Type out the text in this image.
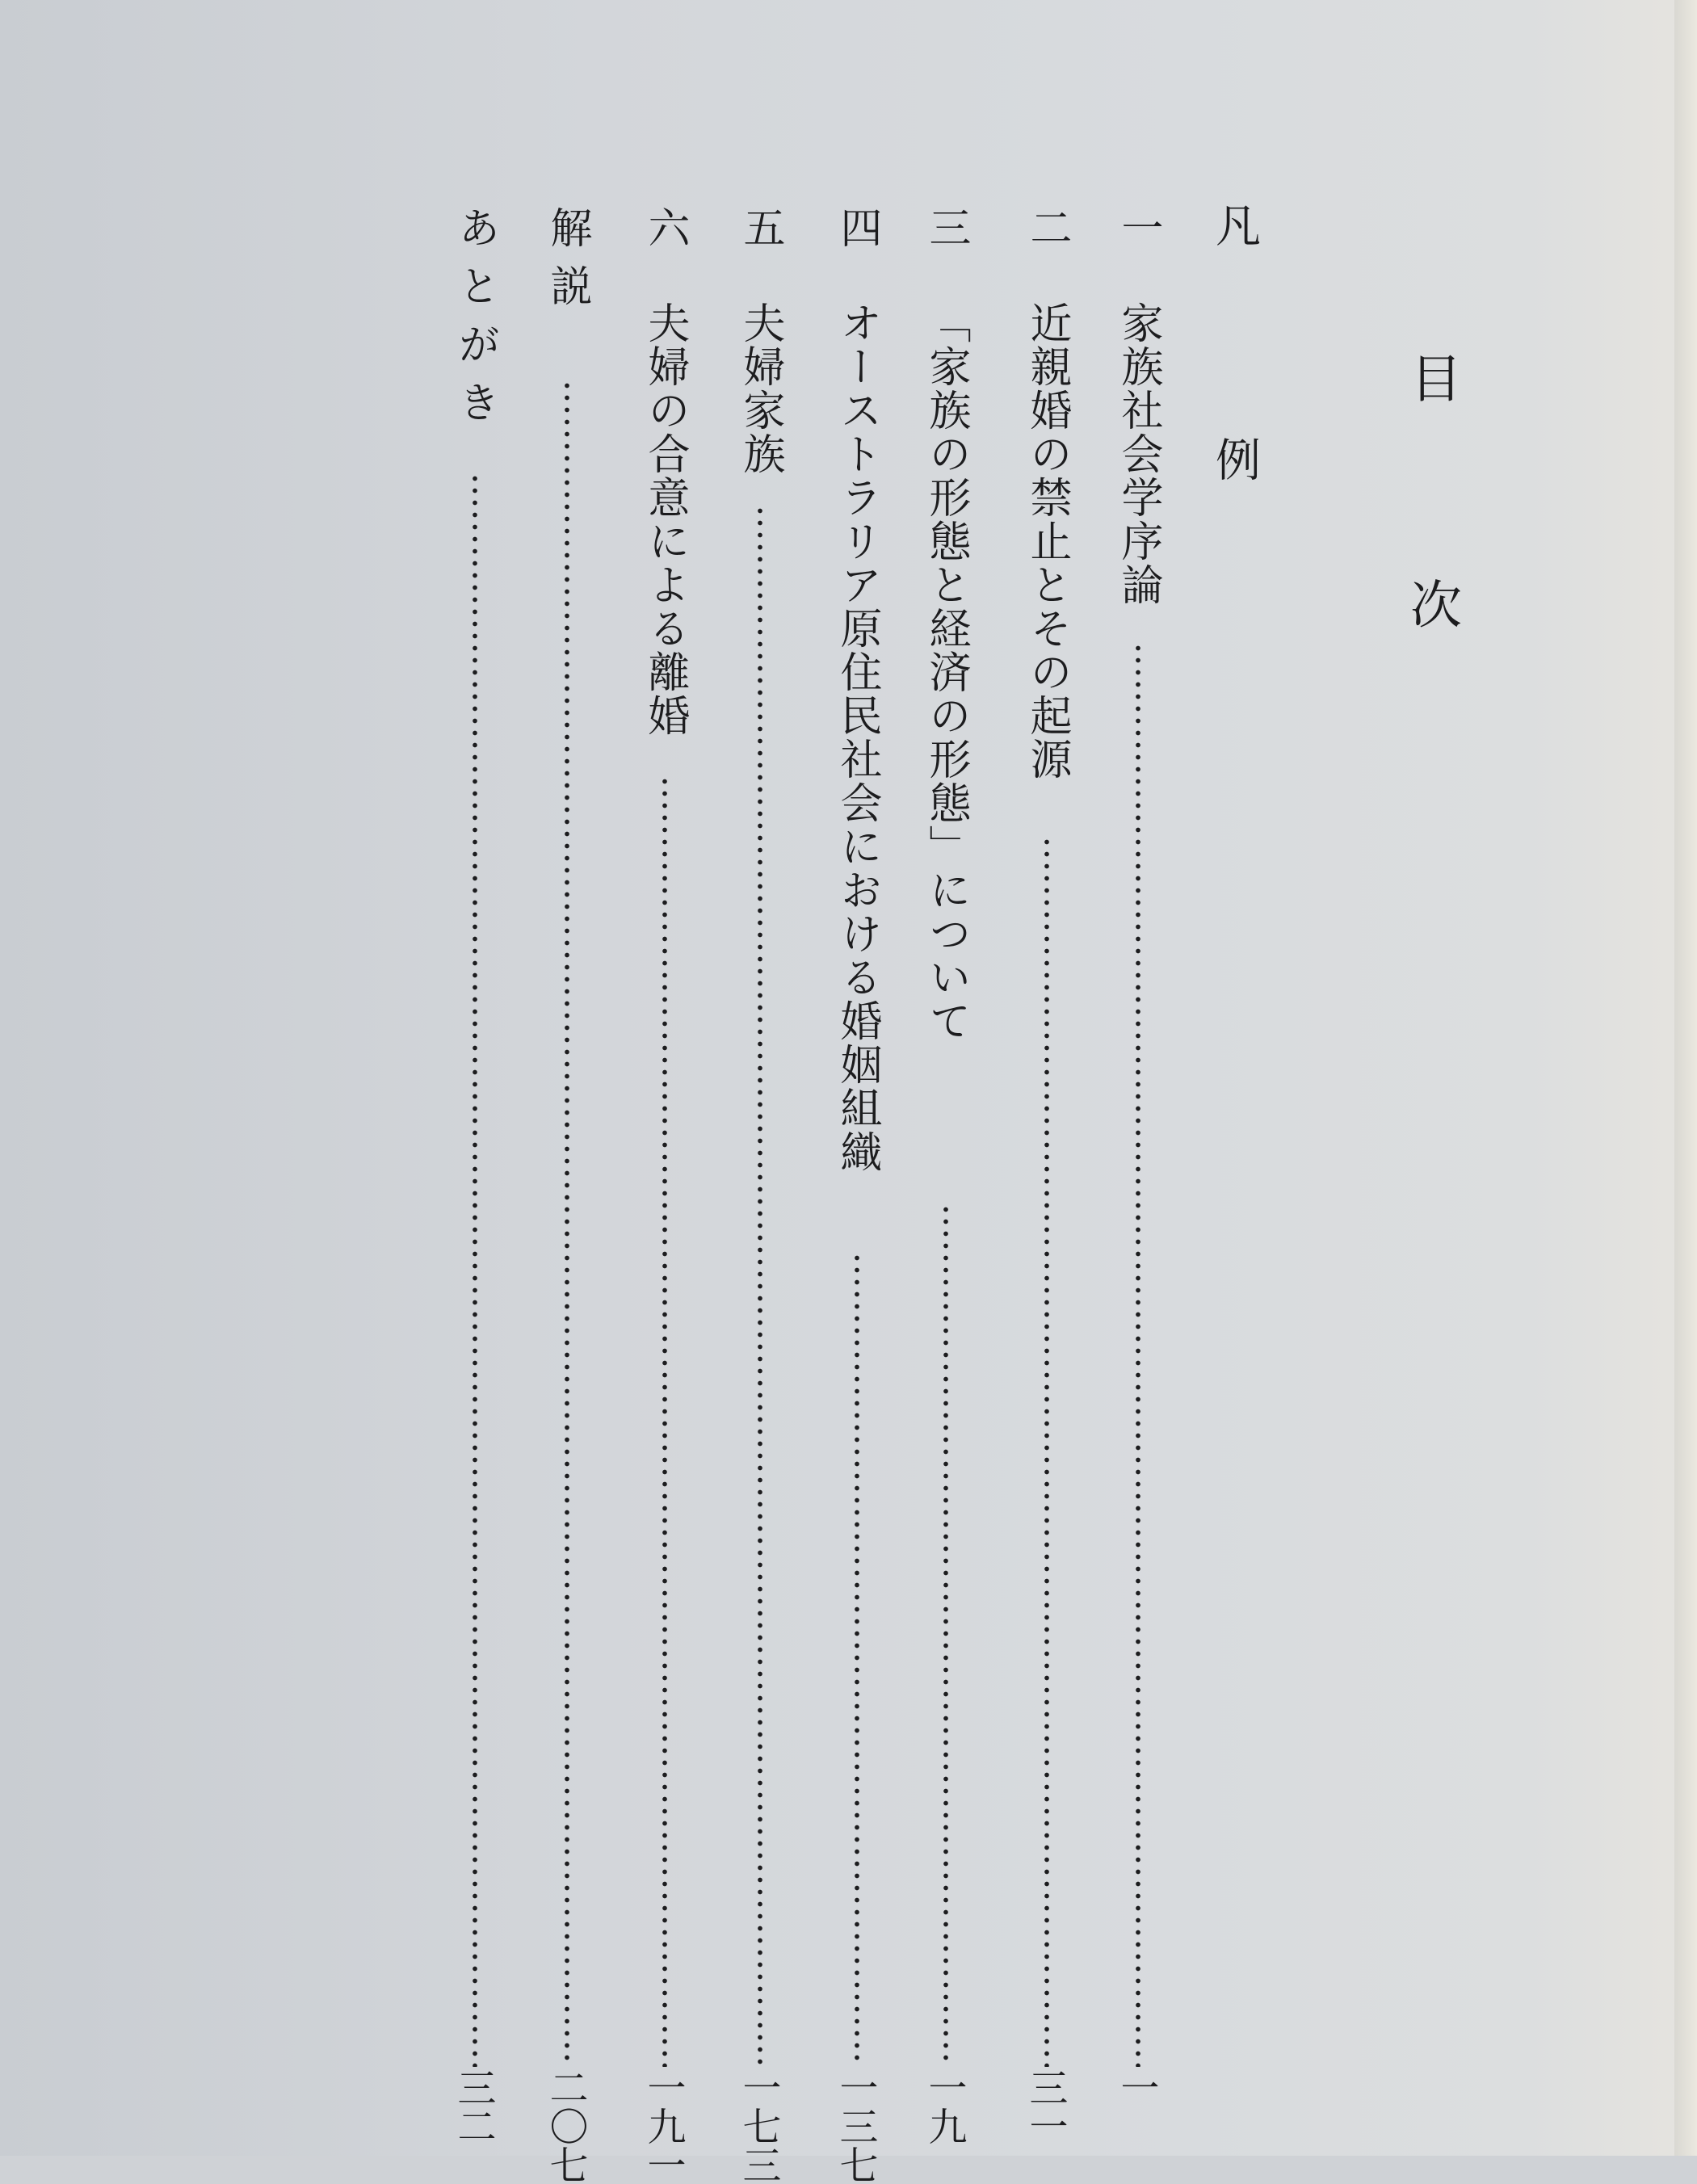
目
次
凡
例
一
家族社会学序論
一
二
近親婚の禁止とその起源
三一
三
「家族の形態と経済の形態」について
一九
四
オーストラリア原住民社会における婚姻組織
一三七
五
夫婦家族
一七三
六
夫婦の合意による離婚
一九一
解説
二〇七
あとがき
三二
